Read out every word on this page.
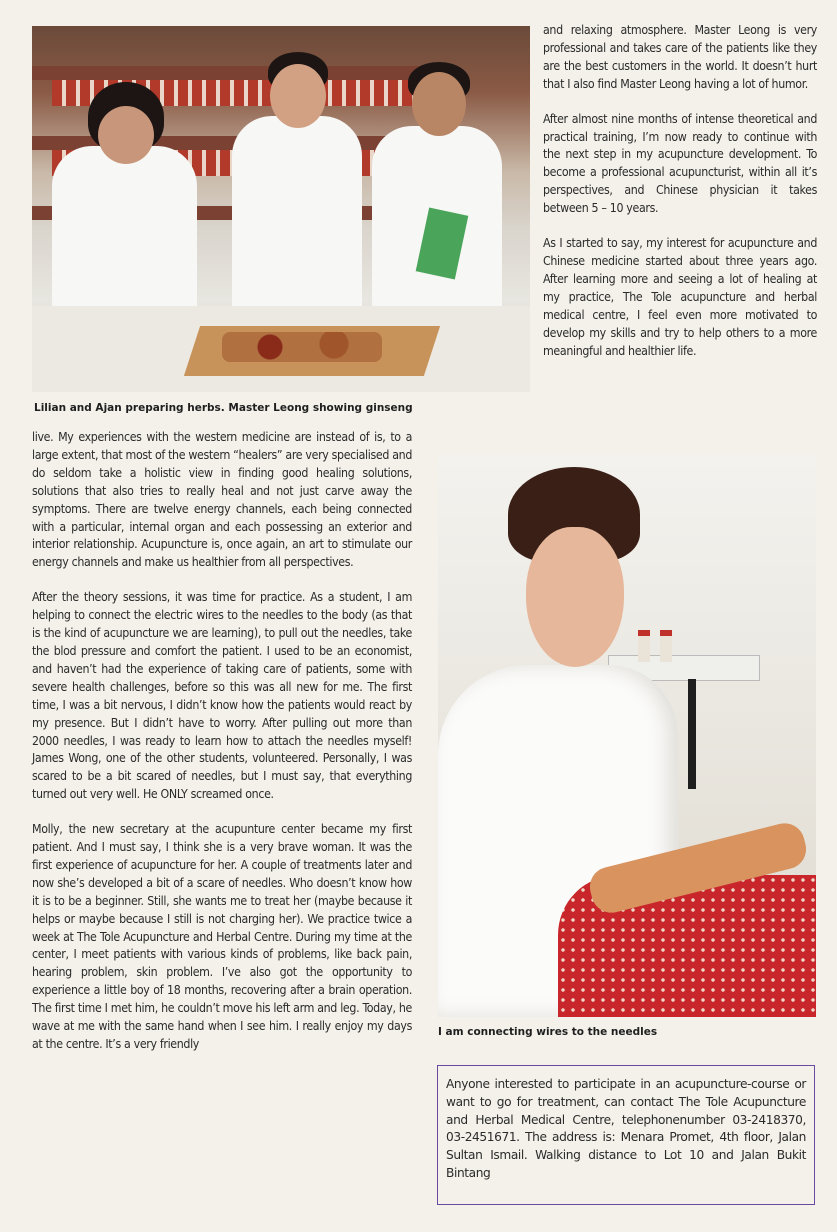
Lilian and Ajan preparing herbs. Master Leong showing ginseng

and relaxing atmosphere. Master Leong is very professional and takes care of the patients like they are the best customers in the world. It doesn’t hurt that I also find Master Leong having a lot of humor.

After almost nine months of intense theoretical and practical training, I’m now ready to continue with the next step in my acupuncture development. To become a professional acupuncturist, within all it’s perspectives, and Chinese physician it takes between 5 – 10 years.

As I started to say, my interest for acupuncture and Chinese medicine started about three years ago. After learning more and seeing a lot of healing at my practice, The Tole acupuncture and herbal medical centre, I feel even more motivated to develop my skills and try to help others to a more meaningful and healthier life.

live. My experiences with the western medicine are instead of is, to a large extent, that most of the western “healers” are very specialised and do seldom take a holistic view in finding good healing solutions, solutions that also tries to really heal and not just carve away the symptoms. There are twelve energy channels, each being connected with a particular, internal organ and each possessing an exterior and interior relationship. Acupuncture is, once again, an art to stimulate our energy channels and make us healthier from all perspectives.

After the theory sessions, it was time for practice. As a student, I am helping to connect the electric wires to the needles to the body (as that is the kind of acupuncture we are learning), to pull out the needles, take the blod pressure and comfort the patient. I used to be an economist, and haven’t had the experience of taking care of patients, some with severe health challenges, before so this was all new for me. The first time, I was a bit nervous, I didn’t know how the patients would react by my presence. But I didn’t have to worry. After pulling out more than 2000 needles, I was ready to learn how to attach the needles myself! James Wong, one of the other students, volunteered. Personally, I was scared to be a bit scared of needles, but I must say, that everything turned out very well. He ONLY screamed once.

Molly, the new secretary at the acupunture center became my first patient. And I must say, I think she is a very brave woman. It was the first experience of acupuncture for her. A couple of treatments later and now she’s developed a bit of a scare of needles. Who doesn’t know how it is to be a beginner. Still, she wants me to treat her (maybe because it helps or maybe because I still is not charging her). We practice twice a week at The Tole Acupuncture and Herbal Centre. During my time at the center, I meet patients with various kinds of problems, like back pain, hearing problem, skin problem. I’ve also got the opportunity to experience a little boy of 18 months, recovering after a brain operation. The first time I met him, he couldn’t move his left arm and leg. Today, he wave at me with the same hand when I see him. I really enjoy my days at the centre. It’s a very friendly

I am connecting wires to the needles
Anyone interested to participate in an acupuncture-course or want to go for treatment, can contact The Tole Acupuncture and Herbal Medical Centre, telephonenumber 03-2418370, 03-2451671. The address is: Menara Promet, 4th floor, Jalan Sultan Ismail. Walking distance to Lot 10 and Jalan Bukit Bintang
